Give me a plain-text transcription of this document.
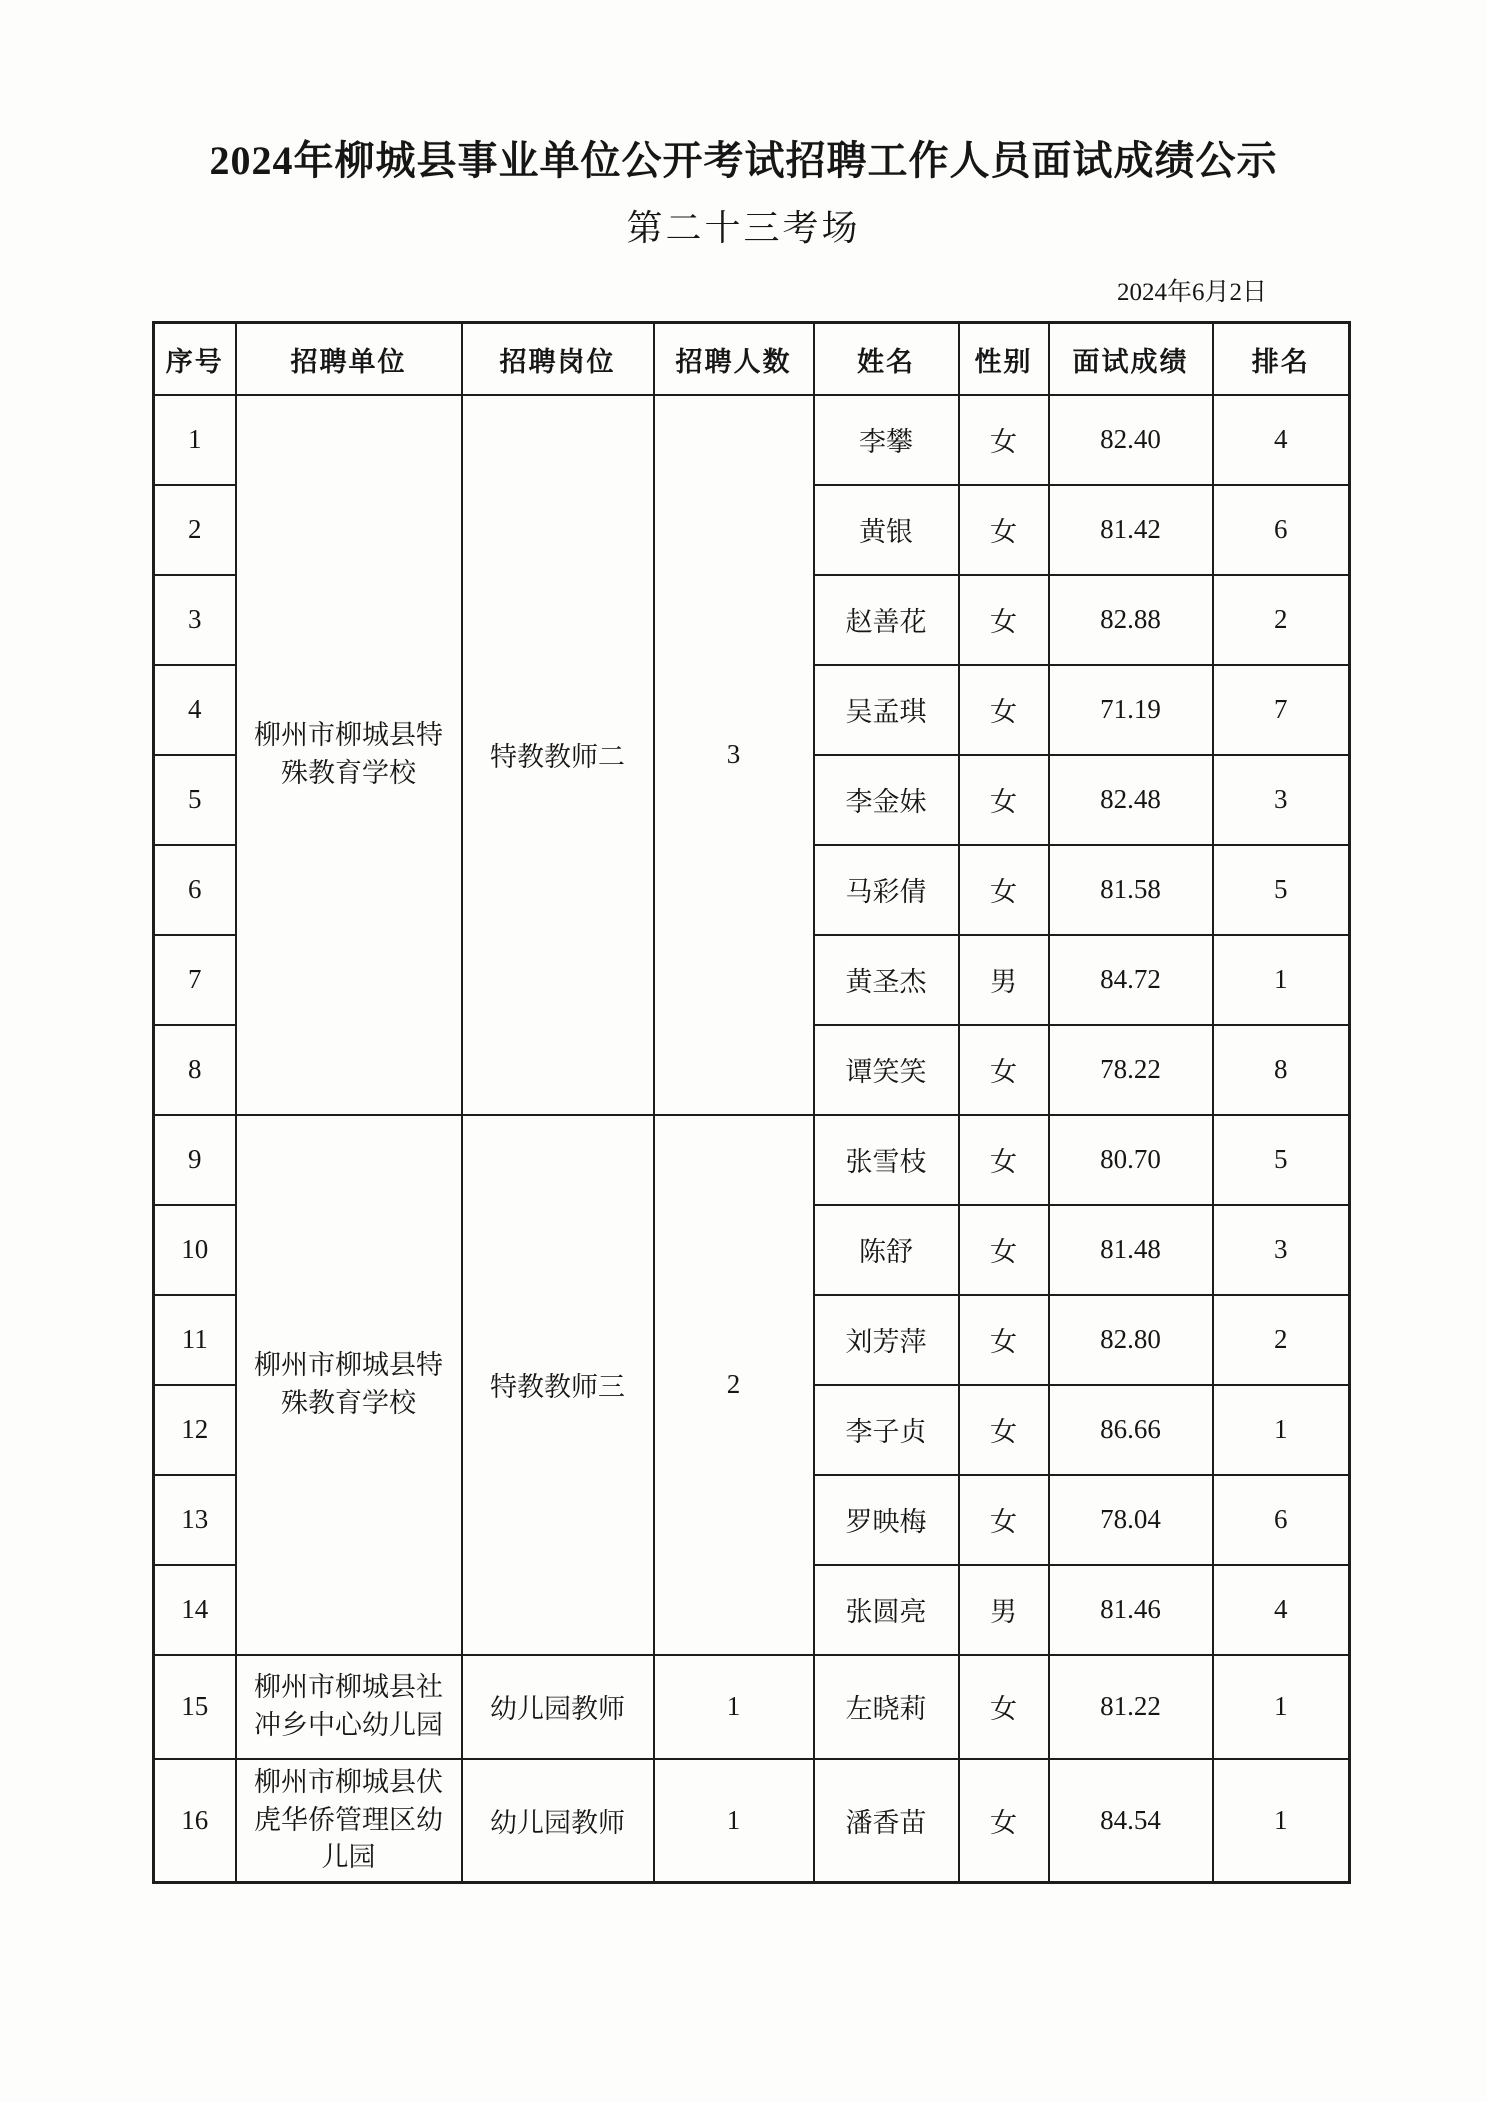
2024年柳城县事业单位公开考试招聘工作人员面试成绩公示
第二十三考场
2024年6月2日
序号	招聘单位	招聘岗位	招聘人数	姓名	性别	面试成绩	排名
1	柳州市柳城县特殊教育学校	特教教师二	3	李攀	女	82.40	4
2				黄银	女	81.42	6
3				赵善花	女	82.88	2
4				吴孟琪	女	71.19	7
5				李金妹	女	82.48	3
6				马彩倩	女	81.58	5
7				黄圣杰	男	84.72	1
8				谭笑笑	女	78.22	8
9	柳州市柳城县特殊教育学校	特教教师三	2	张雪枝	女	80.70	5
10				陈舒	女	81.48	3
11				刘芳萍	女	82.80	2
12				李子贞	女	86.66	1
13				罗映梅	女	78.04	6
14				张圆亮	男	81.46	4
15	柳州市柳城县社冲乡中心幼儿园	幼儿园教师	1	左晓莉	女	81.22	1
16	柳州市柳城县伏虎华侨管理区幼儿园	幼儿园教师	1	潘香苗	女	84.54	1
